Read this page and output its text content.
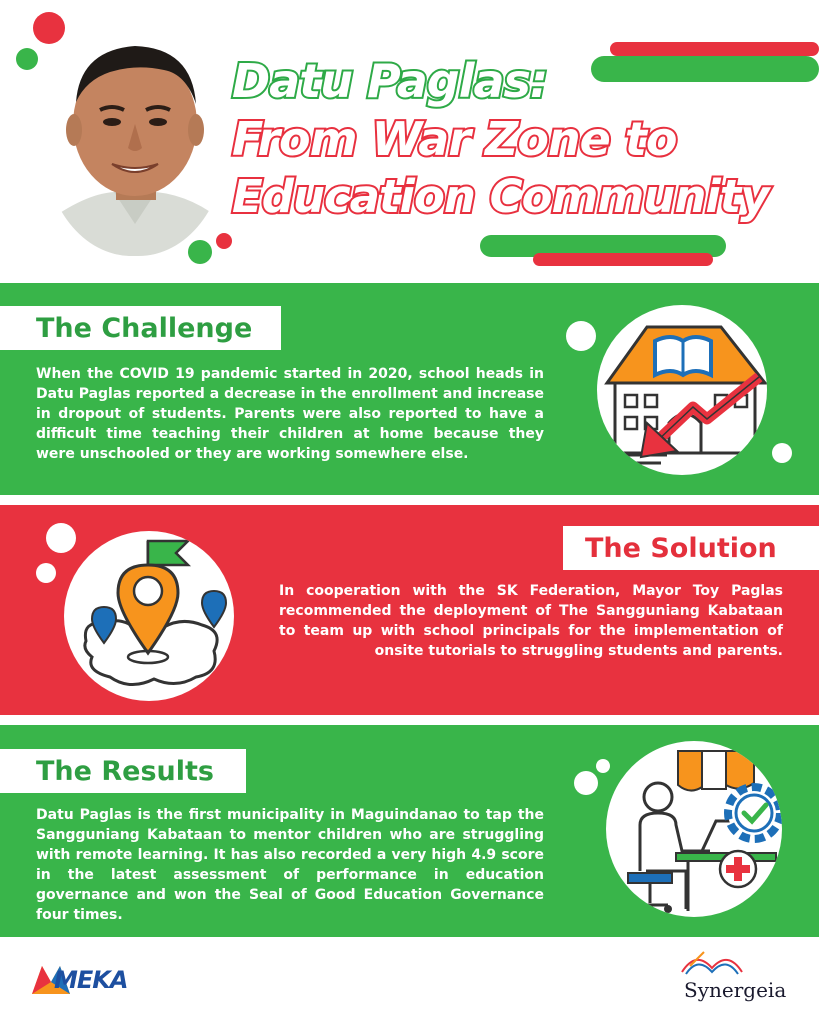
Datu Paglas:
From War Zone to
Education Community
The Challenge
When the COVID 19 pandemic started in 2020, school heads in Datu Paglas reported a decrease in the enrollment and increase in dropout of students. Parents were also reported to have a difficult time teaching their children at home because they were unschooled or they are working somewhere else.
The Solution
In cooperation with the SK Federation, Mayor Toy Paglas recommended the deployment of The Sangguniang Kabataan to team up with school principals for the implementation of onsite tutorials to struggling students and parents.
The Results
Datu Paglas is the first municipality in Maguindanao to tap the Sangguniang Kabataan to mentor children who are struggling with remote learning. It has also recorded a very high 4.9 score in the latest assessment of performance in education governance and won the Seal of Good Education Governance four times.
MEKA	Synergeia
